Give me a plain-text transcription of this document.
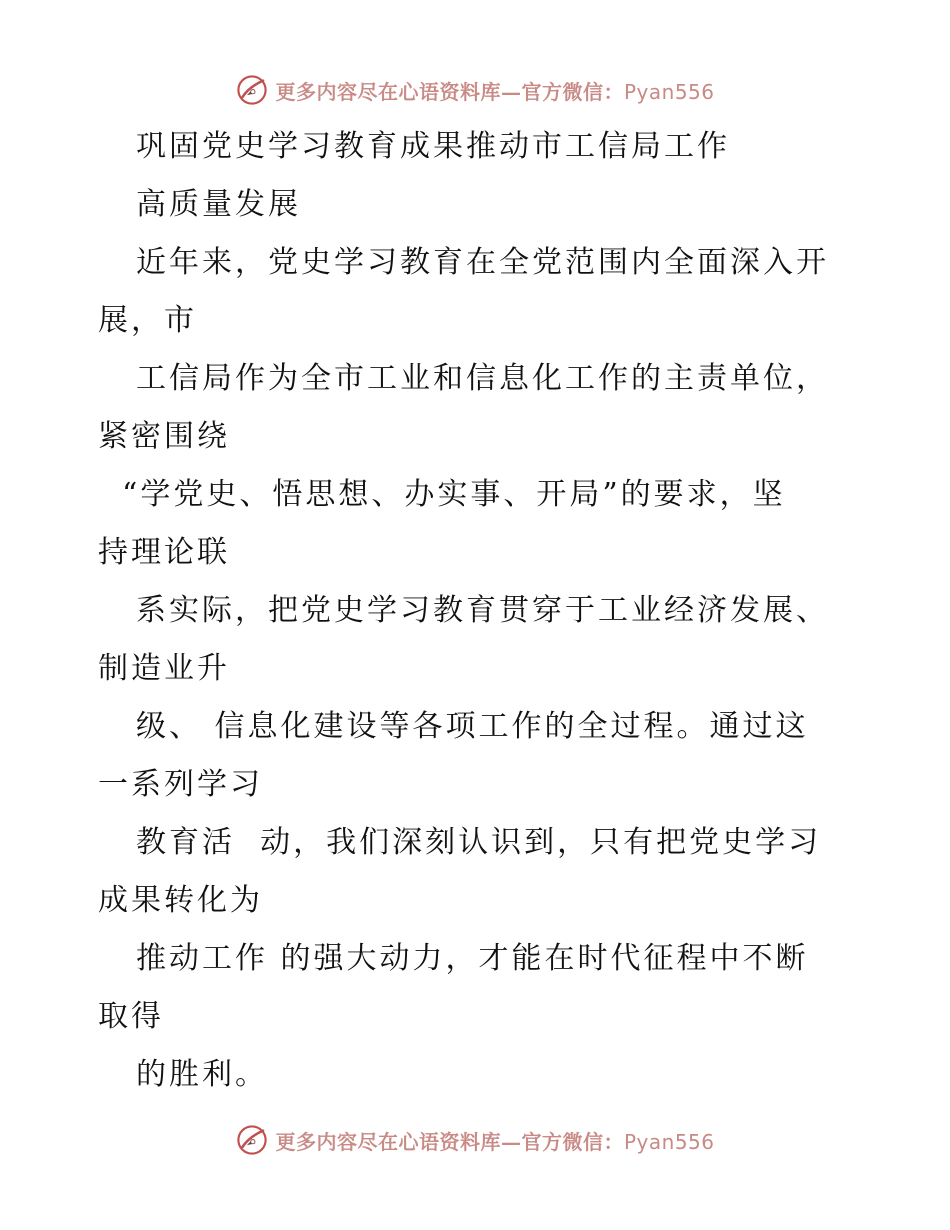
更多内容尽在心语资料库—官方微信：Pyan556
巩固党史学习教育成果推动市工信局工作
高质量发展
近年来，党史学习教育在全党范围内全面深入开
展，市
工信局作为全市工业和信息化工作的主责单位，
紧密围绕
“学党史、悟思想、办实事、开局”的要求，坚
持理论联
系实际，把党史学习教育贯穿于工业经济发展、
制造业升
级、 信息化建设等各项工作的全过程。通过这
一系列学习
教育活  动，我们深刻认识到，只有把党史学习
成果转化为
推动工作 的强大动力，才能在时代征程中不断
取得
的胜利。
更多内容尽在心语资料库—官方微信：Pyan556
